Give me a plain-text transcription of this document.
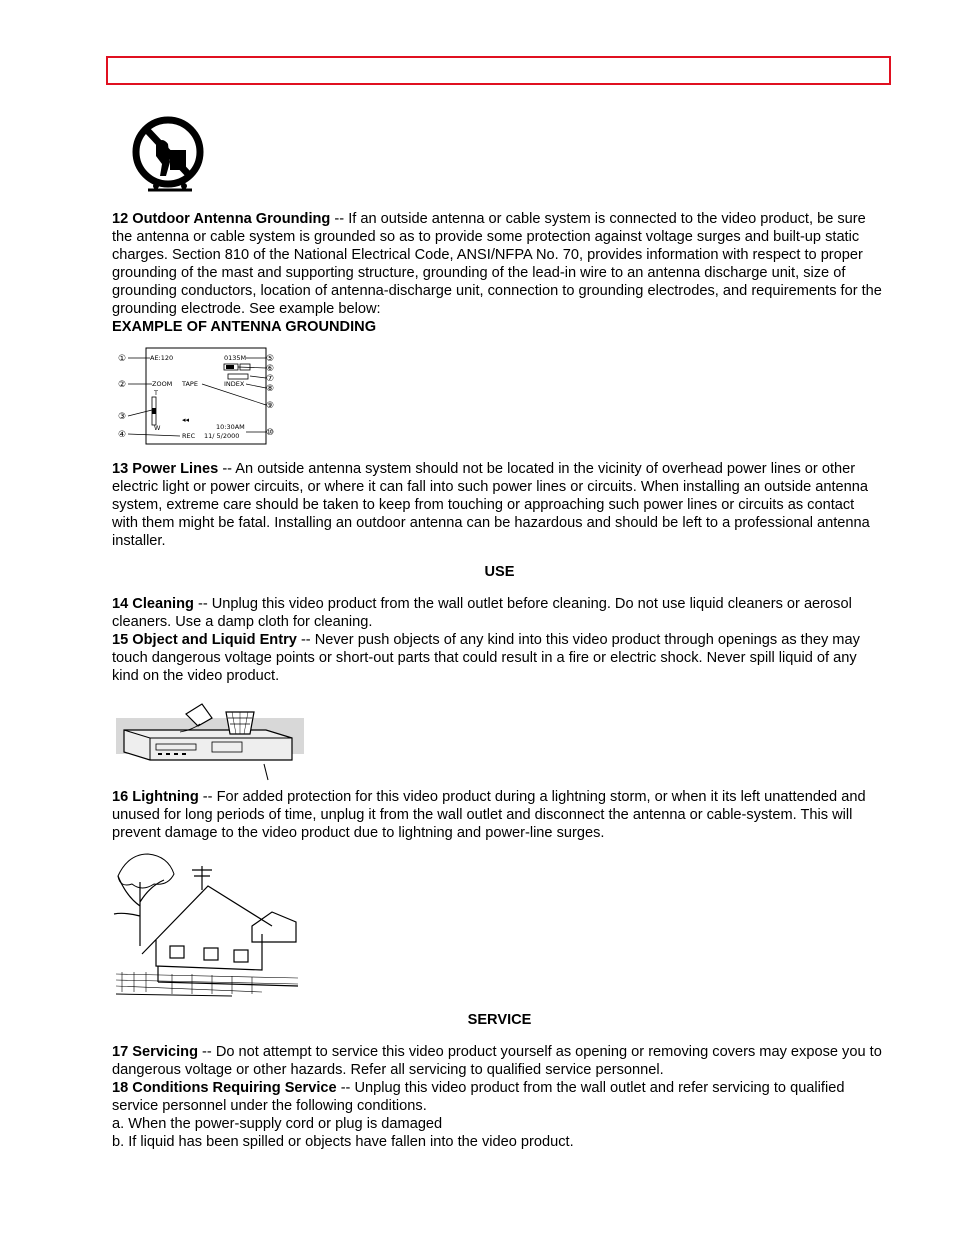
12 Outdoor Antenna Grounding -- If an outside antenna or cable system is connected to the video product, be sure the antenna or cable system is grounded so as to provide some protection against voltage surges and built-up static charges. Section 810 of the National Electrical Code, ANSI/NFPA No. 70, provides information with respect to proper grounding of the mast and supporting structure, grounding of the lead-in wire to an antenna discharge unit, size of grounding conductors, location of antenna-discharge unit, connection to grounding electrodes, and requirements for the grounding electrode. See example below:
EXAMPLE OF ANTENNA GROUNDING
①
②
③
④
⑤
⑥
⑦
⑧
⑨
⑩
AE:120	0135M
ZOOM
T
W
TAPE	INDEX
REC
10:30AM
11/ 5/2000
◂◂
13 Power Lines -- An outside antenna system should not be located in the vicinity of overhead power lines or other electric light or power circuits, or where it can fall into such power lines or circuits. When installing an outside antenna system, extreme care should be taken to keep from touching or approaching such power lines or circuits as contact with them might be fatal. Installing an outdoor antenna can be hazardous and should be left to a professional antenna installer.
USE
14 Cleaning -- Unplug this video product from the wall outlet before cleaning. Do not use liquid cleaners or aerosol cleaners. Use a damp cloth for cleaning.
15 Object and Liquid Entry -- Never push objects of any kind into this video product through openings as they may touch dangerous voltage points or short-out parts that could result in a fire or electric shock. Never spill liquid of any kind on the video product.
16 Lightning -- For added protection for this video product during a lightning storm, or when it its left unattended and unused for long periods of time, unplug it from the wall outlet and disconnect the antenna or cable-system. This will prevent damage to the video product due to lightning and power-line surges.
SERVICE
17 Servicing -- Do not attempt to service this video product yourself as opening or removing covers may expose you to dangerous voltage or other hazards. Refer all servicing to qualified service personnel.
18 Conditions Requiring Service -- Unplug this video product from the wall outlet and refer servicing to qualified service personnel under the following conditions.
a. When the power-supply cord or plug is damaged
b. If liquid has been spilled or objects have fallen into the video product.
